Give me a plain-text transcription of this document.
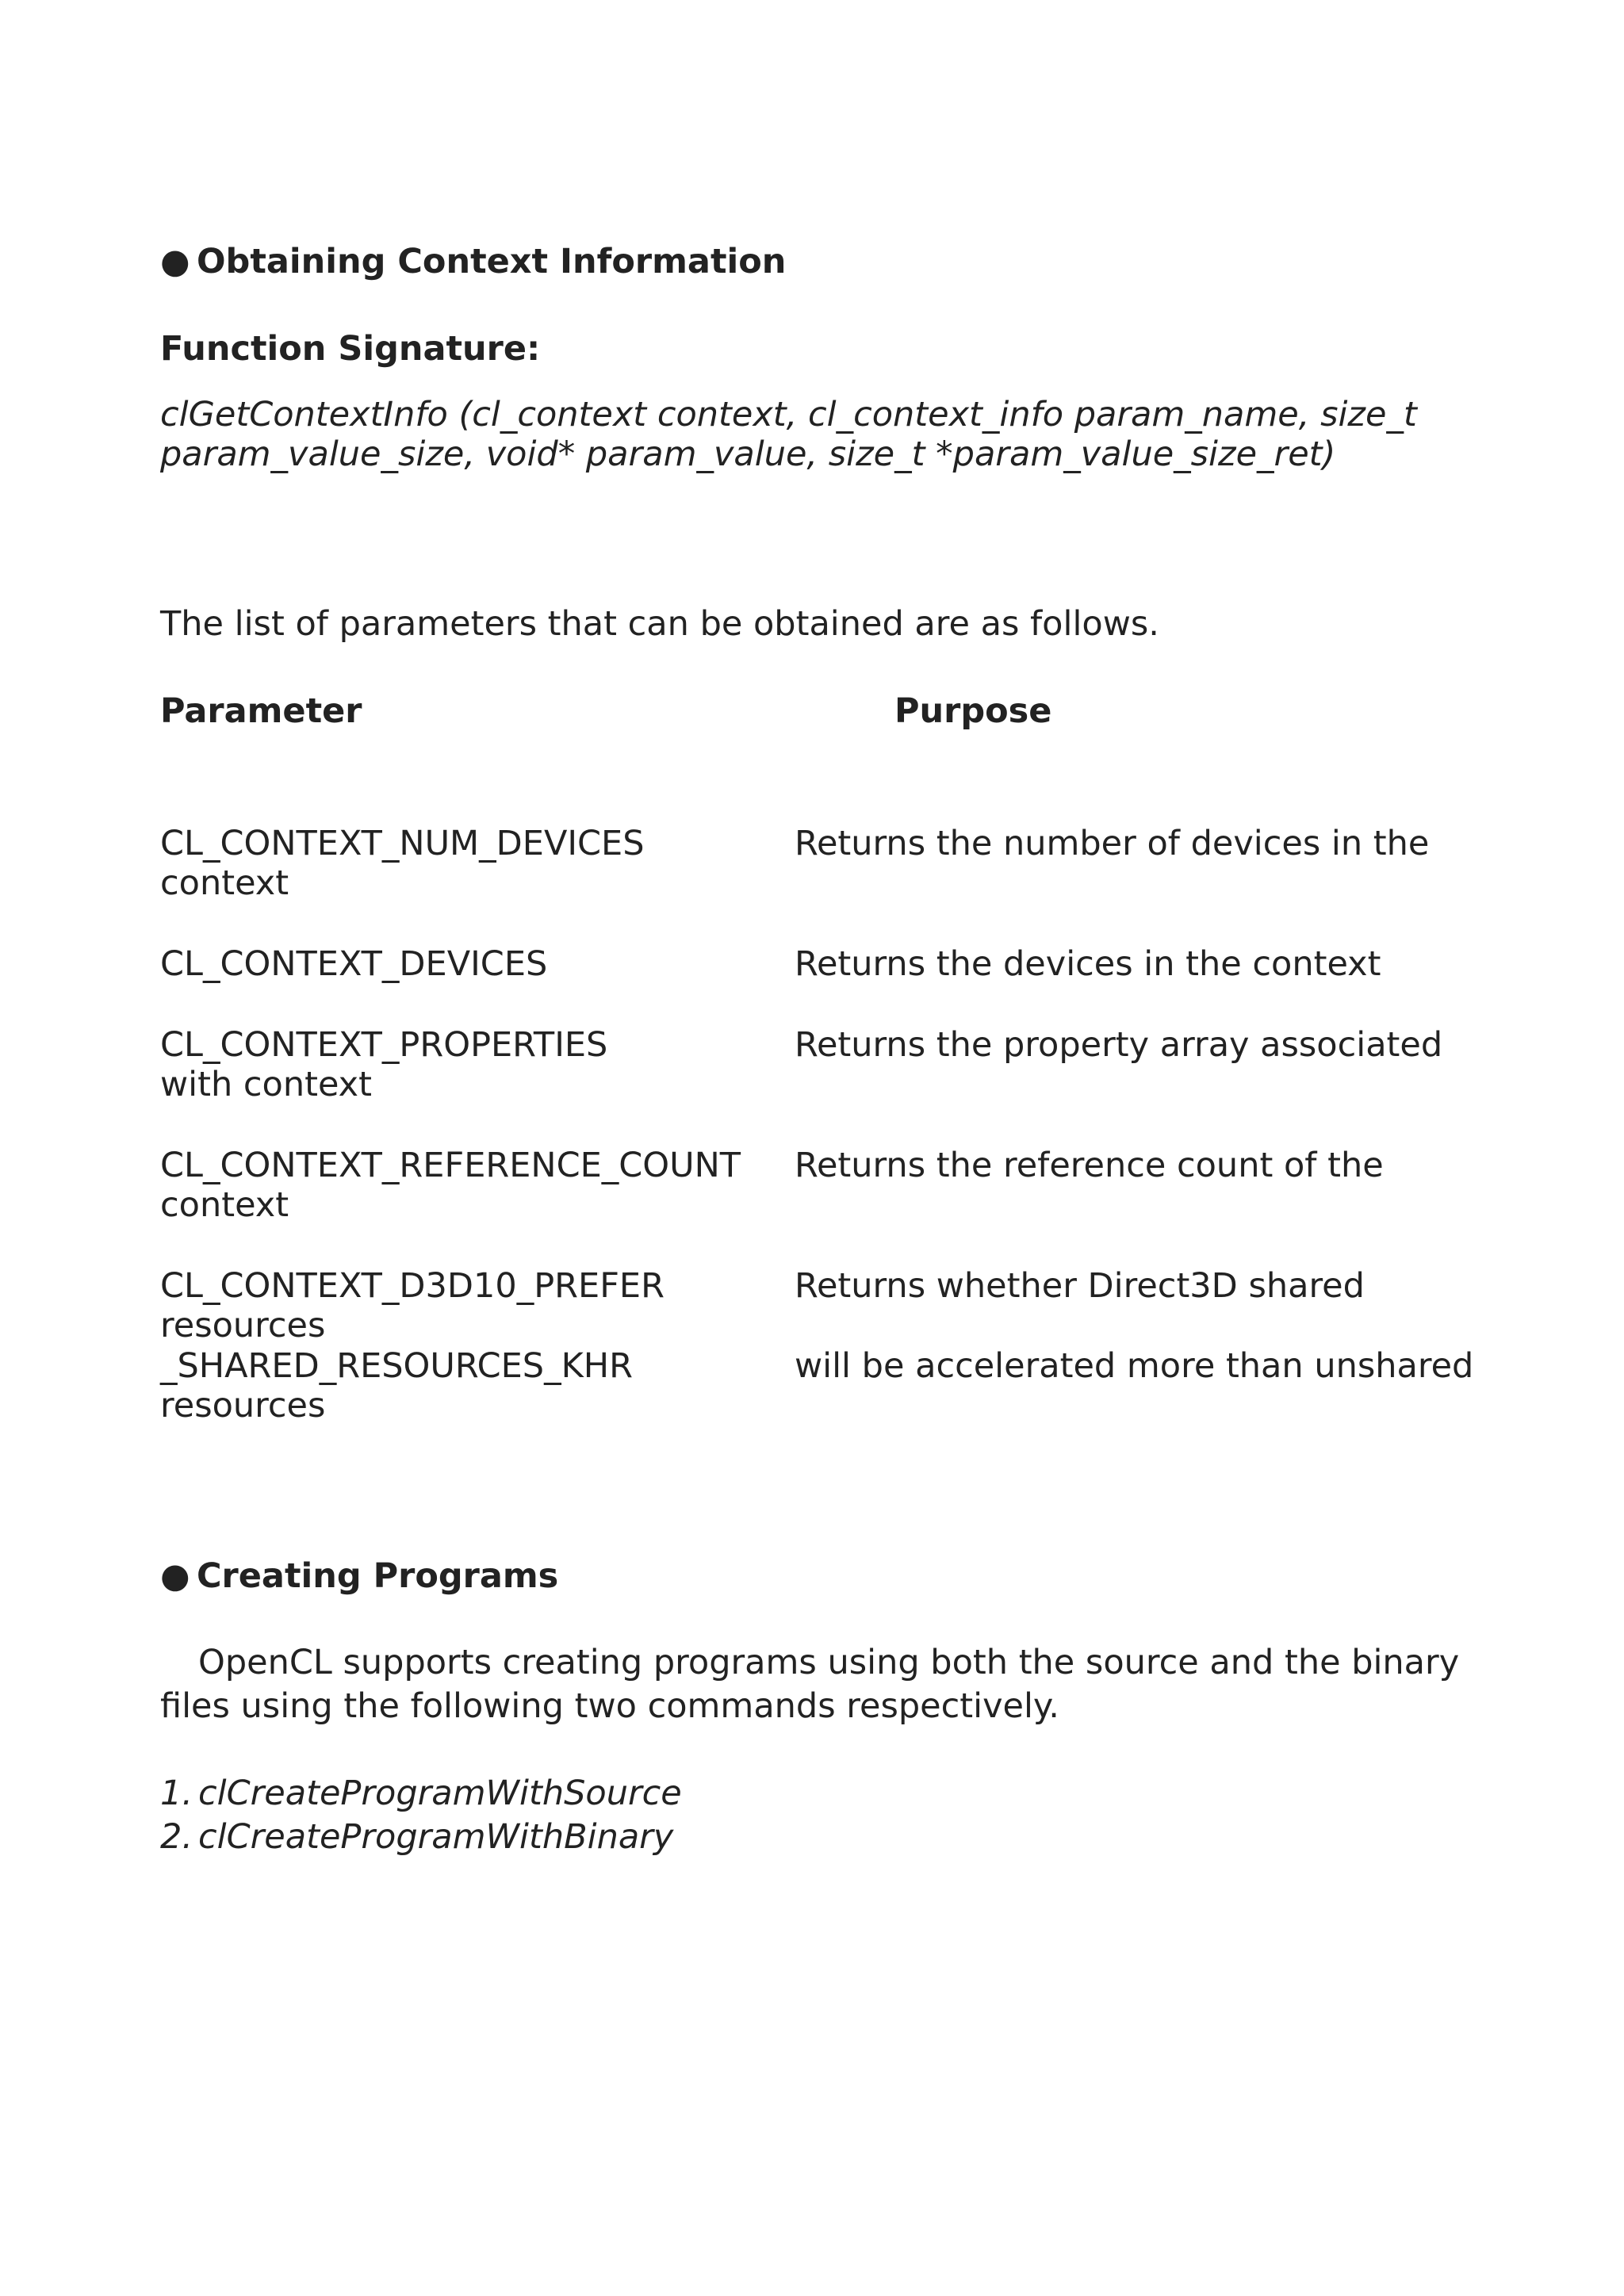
● Obtaining Context Information
Function Signature:
clGetContextInfo (cl_context context, cl_context_info param_name, size_t
param_value_size, void* param_value, size_t *param_value_size_ret)
The list of parameters that can be obtained are as follows.
Parameter	Purpose
CL_CONTEXT_NUM_DEVICES	Returns the number of devices in the
context
CL_CONTEXT_DEVICES	Returns the devices in the context
CL_CONTEXT_PROPERTIES	Returns the property array associated
with context
CL_CONTEXT_REFERENCE_COUNT Returns the reference count of the
context
CL_CONTEXT_D3D10_PREFER	Returns whether Direct3D shared
resources
_SHARED_RESOURCES_KHR	will be accelerated more than unshared
resources
● Creating Programs
OpenCL supports creating programs using both the source and the binary
files using the following two commands respectively.
1. clCreateProgramWithSource
2. clCreateProgramWithBinary
